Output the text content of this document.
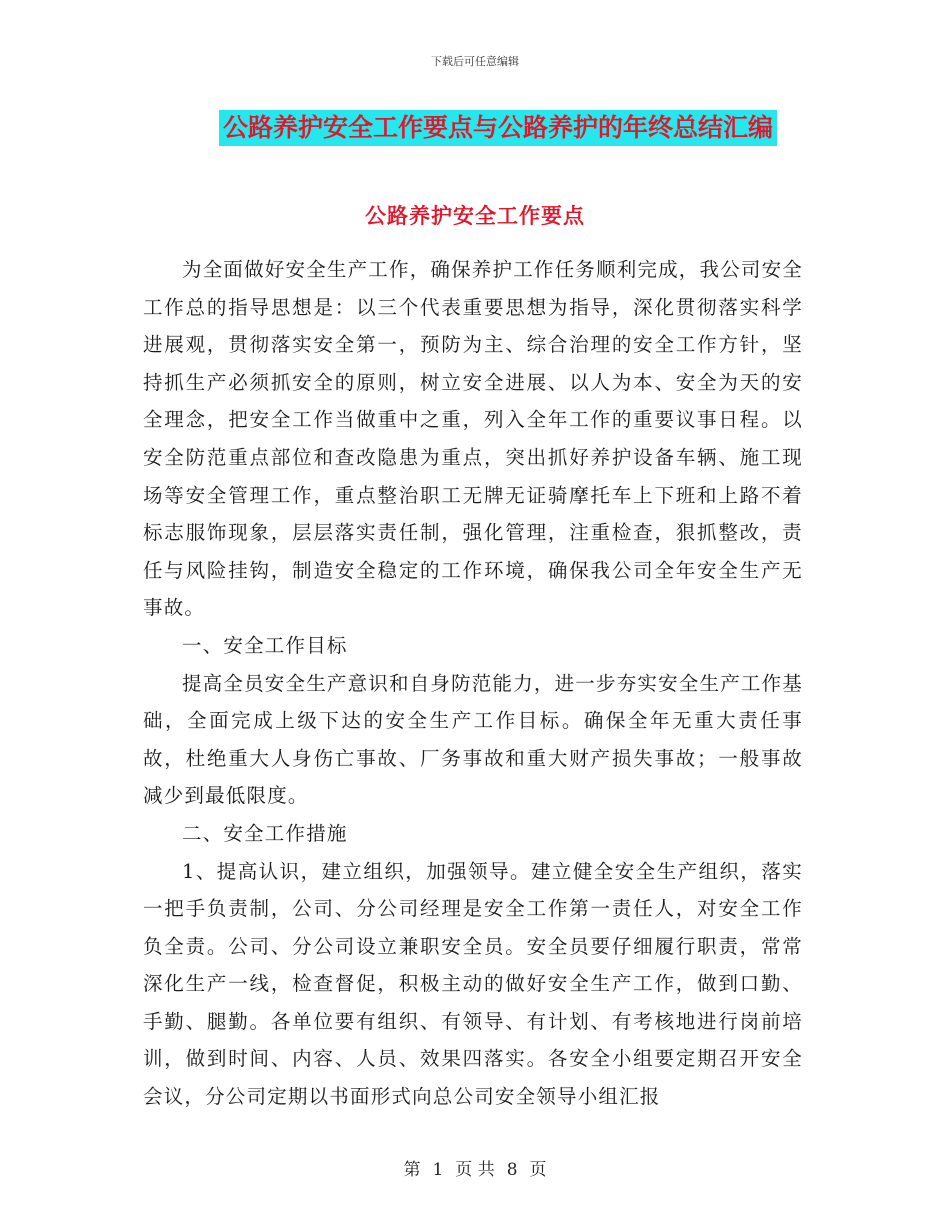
下载后可任意编辑
公路养护安全工作要点与公路养护的年终总结汇编
公路养护安全工作要点

为全面做好安全生产工作，确保养护工作任务顺利完成，我公司安全工作总的指导思想是：以三个代表重要思想为指导，深化贯彻落实科学进展观，贯彻落实安全第一，预防为主、综合治理的安全工作方针，坚持抓生产必须抓安全的原则，树立安全进展、以人为本、安全为天的安全理念，把安全工作当做重中之重，列入全年工作的重要议事日程。以安全防范重点部位和查改隐患为重点，突出抓好养护设备车辆、施工现场等安全管理工作，重点整治职工无牌无证骑摩托车上下班和上路不着标志服饰现象，层层落实责任制，强化管理，注重检查，狠抓整改，责任与风险挂钩，制造安全稳定的工作环境，确保我公司全年安全生产无事故。

一、安全工作目标

提高全员安全生产意识和自身防范能力，进一步夯实安全生产工作基础，全面完成上级下达的安全生产工作目标。确保全年无重大责任事故，杜绝重大人身伤亡事故、厂务事故和重大财产损失事故；一般事故减少到最低限度。

二、安全工作措施

1、提高认识，建立组织，加强领导。建立健全安全生产组织，落实一把手负责制，公司、分公司经理是安全工作第一责任人，对安全工作负全责。公司、分公司设立兼职安全员。安全员要仔细履行职责，常常深化生产一线，检查督促，积极主动的做好安全生产工作，做到口勤、手勤、腿勤。各单位要有组织、有领导、有计划、有考核地进行岗前培训，做到时间、内容、人员、效果四落实。各安全小组要定期召开安全会议，分公司定期以书面形式向总公司安全领导小组汇报

第 1 页 共 8 页
